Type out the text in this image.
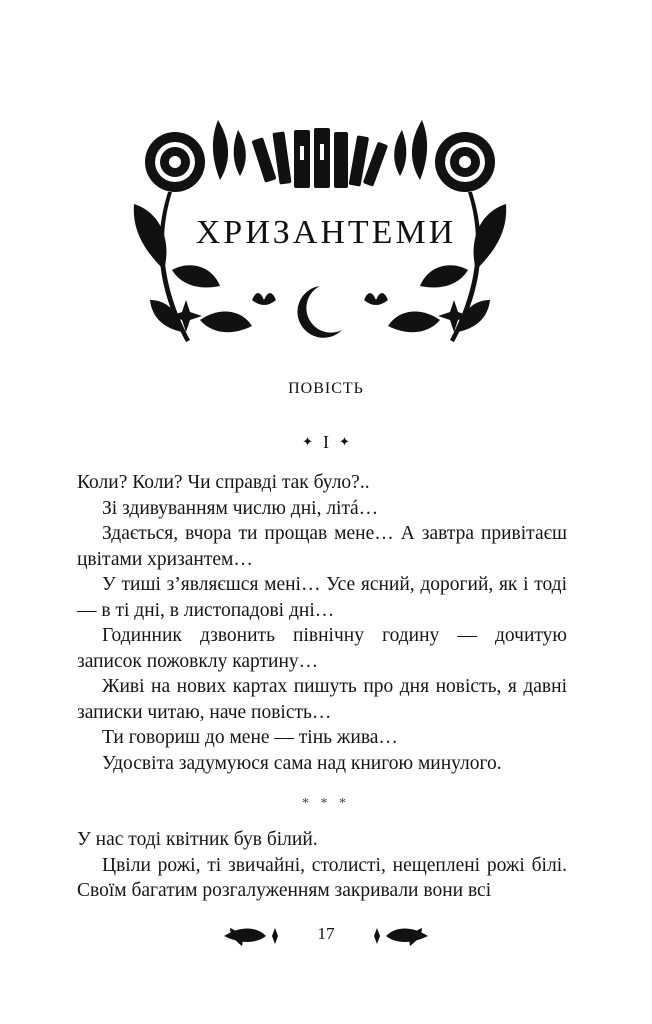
ХРИЗАНТЕМИ
ПОВІСТЬ
✦ I ✦

Коли? Коли? Чи справді так було?..

Зі здивуванням числю дні, літá…

Здається, вчора ти прощав мене… А завтра привітаєш цвітами хризантем…

У тиші з’являєшся мені… Усе ясний, дорогий, як і тоді — в ті дні, в листопадові дні…

Годинник дзвонить північну годину — дочитую записок пожовклу картину…

Живі на нових картах пишуть про дня новість, я давні записки читаю, наче повість…

Ти говориш до мене — тінь жива…

Удосвіта задумуюся сама над книгою минулого.

* * *

У нас тоді квітник був білий.

Цвіли рожі, ті звичайні, столисті, нещеплені рожі білі. Своїм багатим розгалуженням закривали вони всі

17
